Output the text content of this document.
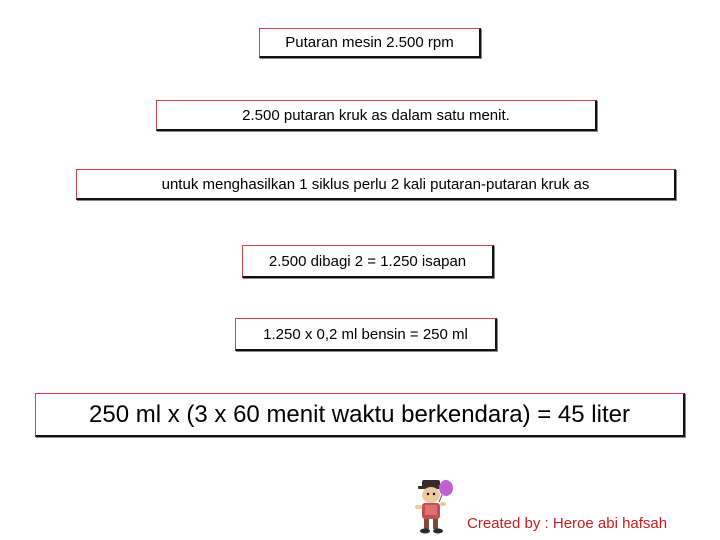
Putaran mesin 2.500 rpm
2.500 putaran kruk as dalam satu menit.
untuk menghasilkan 1 siklus perlu 2 kali putaran-putaran kruk as
2.500 dibagi 2 = 1.250 isapan
1.250 x 0,2 ml bensin = 250 ml
250 ml x (3 x 60 menit waktu berkendara) = 45 liter
Created by : Heroe abi hafsah
